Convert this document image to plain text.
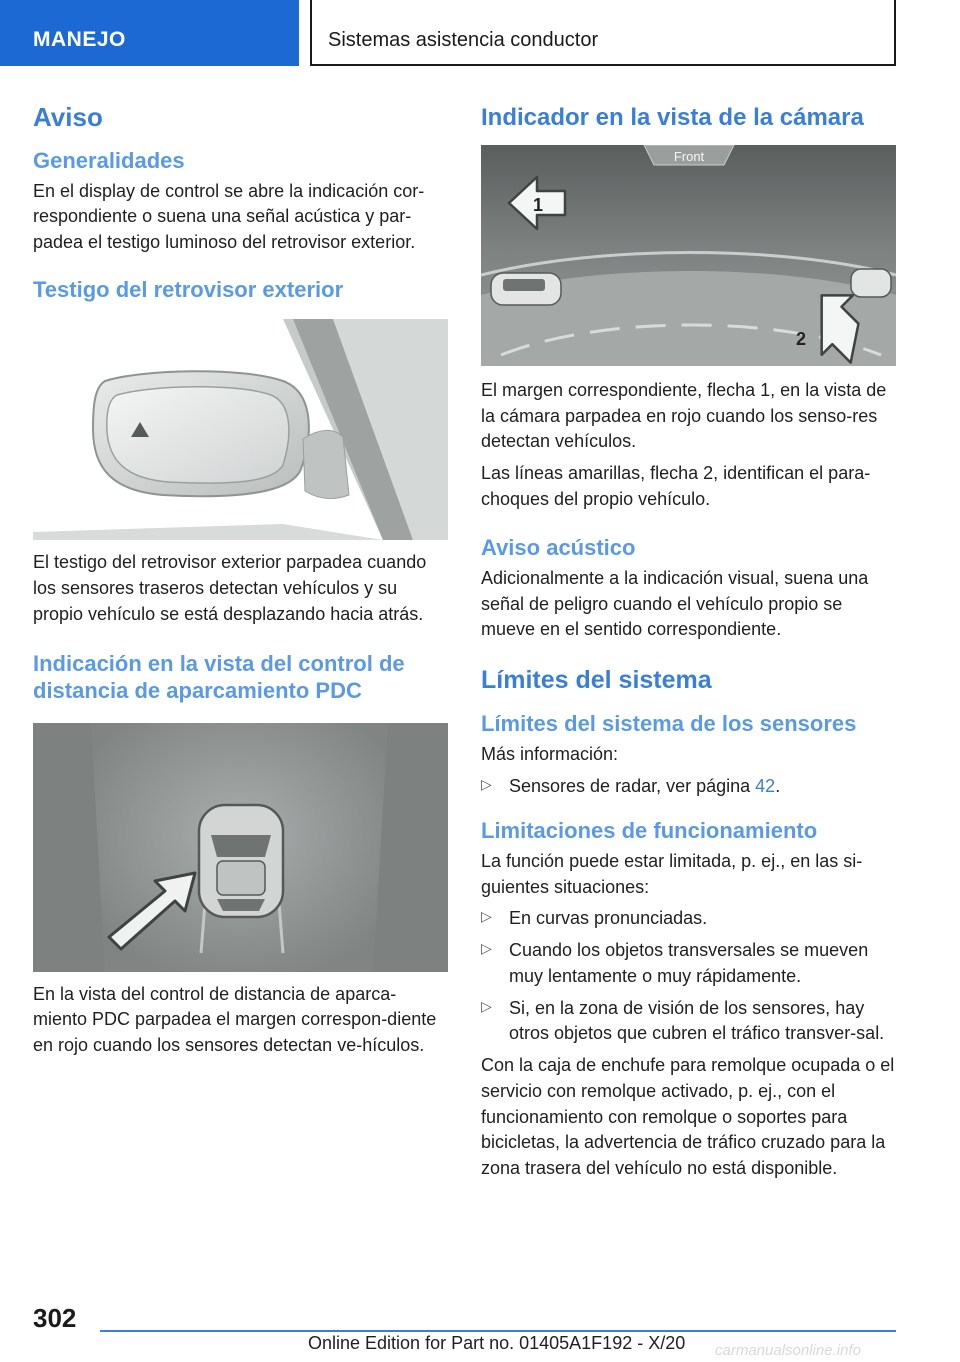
MANEJO	Sistemas asistencia conductor
Aviso
Generalidades

En el display de control se abre la indicación cor-respondiente o suena una señal acústica y par-padea el testigo luminoso del retrovisor exterior.

Testigo del retrovisor exterior

El testigo del retrovisor exterior parpadea cuando los sensores traseros detectan vehículos y su propio vehículo se está desplazando hacia atrás.

Indicación en la vista del control de distancia de aparcamiento PDC

En la vista del control de distancia de aparca-miento PDC parpadea el margen correspon-diente en rojo cuando los sensores detectan ve-hículos.

Indicador en la vista de la cámara
Front
1
2

El margen correspondiente, flecha 1, en la vista de la cámara parpadea en rojo cuando los senso-res detectan vehículos.

Las líneas amarillas, flecha 2, identifican el para-choques del propio vehículo.

Aviso acústico

Adicionalmente a la indicación visual, suena una señal de peligro cuando el vehículo propio se mueve en el sentido correspondiente.

Límites del sistema
Límites del sistema de los sensores

Más información:

▷ Sensores de radar, ver página 42.
Limitaciones de funcionamiento

La función puede estar limitada, p. ej., en las si-guientes situaciones:

▷ En curvas pronunciadas.
▷ Cuando los objetos transversales se mueven muy lentamente o muy rápidamente.
▷ Si, en la zona de visión de los sensores, hay otros objetos que cubren el tráfico transver-sal.

Con la caja de enchufe para remolque ocupada o el servicio con remolque activado, p. ej., con el funcionamiento con remolque o soportes para bicicletas, la advertencia de tráfico cruzado para la zona trasera del vehículo no está disponible.

302
Online Edition for Part no. 01405A1F192 - X/20 carmanualsonline.info
